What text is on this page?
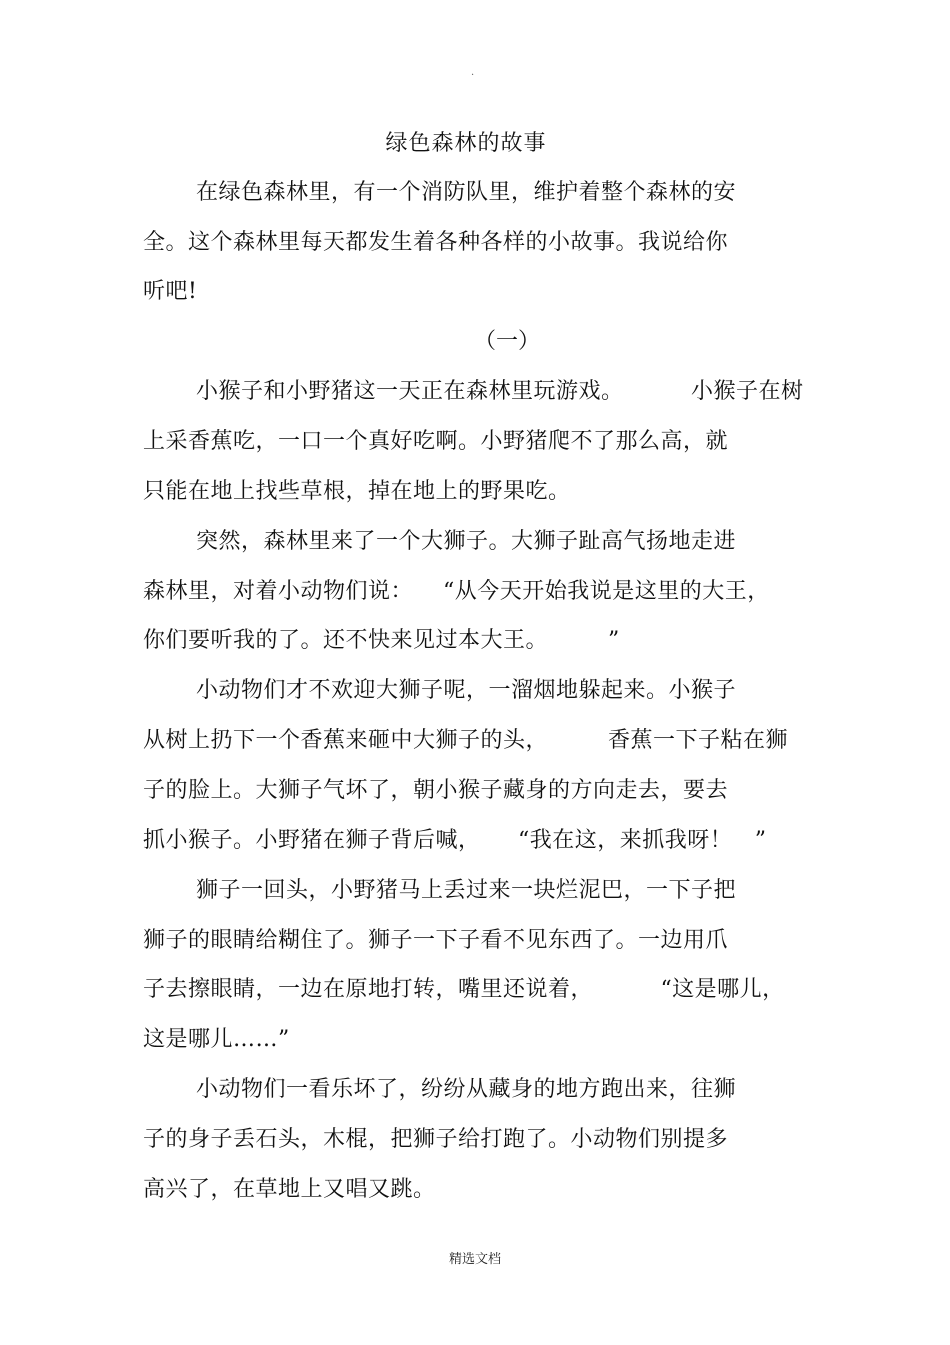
·
绿色森林的故事
在绿色森林里，有一个消防队里，维护着整个森林的安
全。这个森林里每天都发生着各种各样的小故事。我说给你
听吧!
（一）
小猴子和小野猪这一天正在森林里玩游戏。         小猴子在树
上采香蕉吃，一口一个真好吃啊。小野猪爬不了那么高，就
只能在地上找些草根，掉在地上的野果吃。
突然，森林里来了一个大狮子。大狮子趾高气扬地走进
森林里，对着小动物们说：    “从今天开始我说是这里的大王，
你们要听我的了。还不快来见过本大王。        ”
小动物们才不欢迎大狮子呢，一溜烟地躲起来。小猴子
从树上扔下一个香蕉来砸中大狮子的头，        香蕉一下子粘在狮
子的脸上。大狮子气坏了，朝小猴子藏身的方向走去，要去
抓小猴子。小野猪在狮子背后喊，     “我在这，来抓我呀！   ”
狮子一回头，小野猪马上丢过来一块烂泥巴，一下子把
狮子的眼睛给糊住了。狮子一下子看不见东西了。一边用爪
子去擦眼睛，一边在原地打转，嘴里还说着，         “这是哪儿，
这是哪儿……”
小动物们一看乐坏了，纷纷从藏身的地方跑出来，往狮
子的身子丢石头，木棍，把狮子给打跑了。小动物们别提多
高兴了，在草地上又唱又跳。
精选文档
